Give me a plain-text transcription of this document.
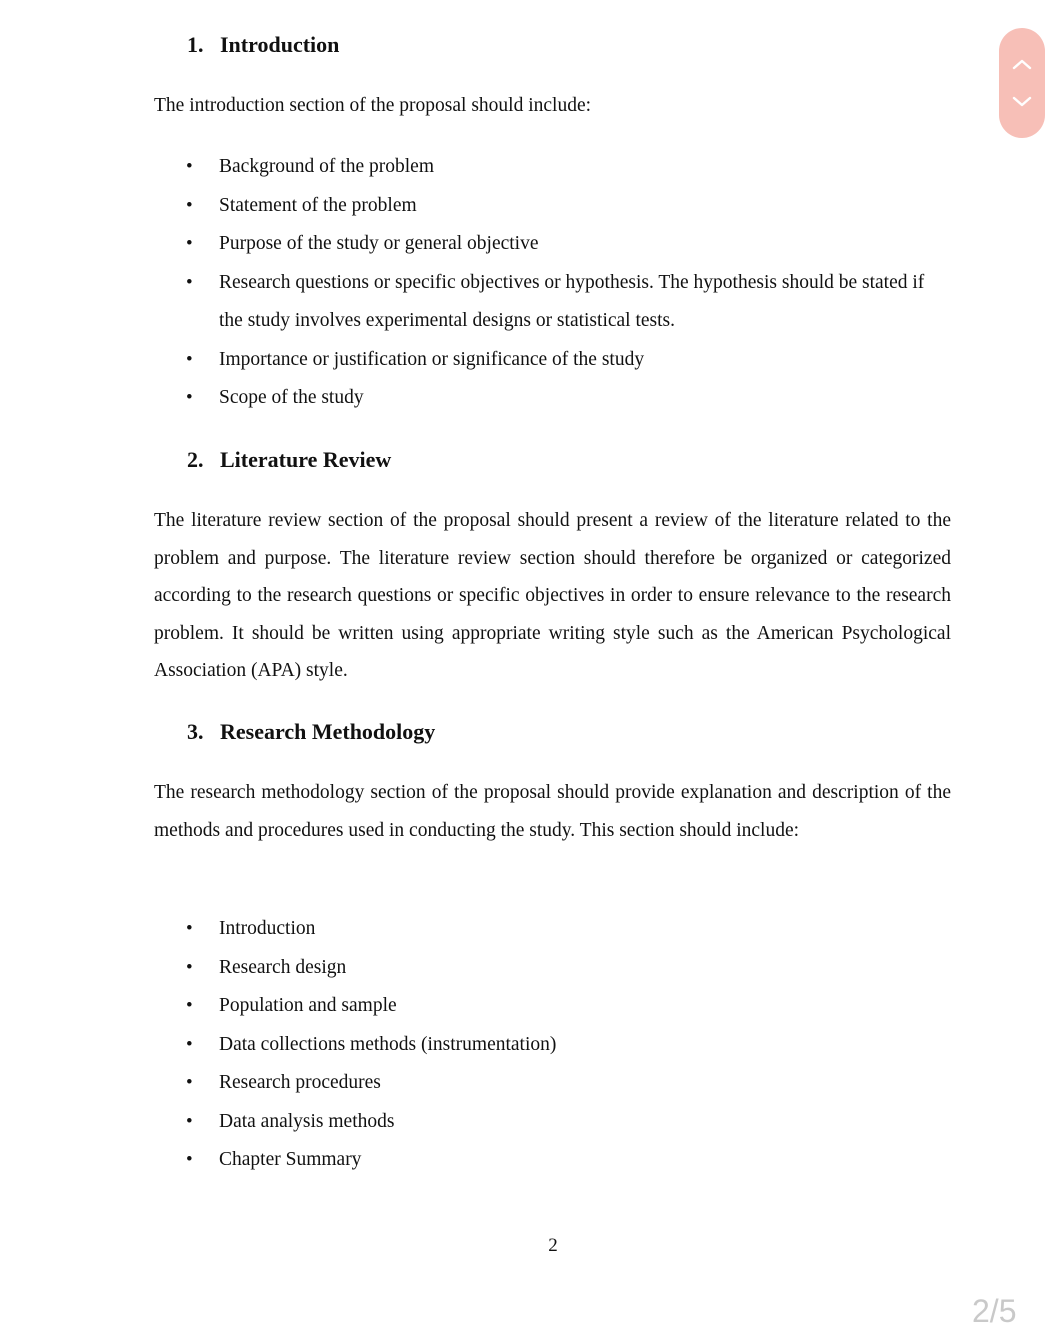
1. Introduction

The introduction section of the proposal should include:

• Background of the problem
• Statement of the problem
• Purpose of the study or general objective
• Research questions or specific objectives or hypothesis. The hypothesis should be stated if the study involves experimental designs or statistical tests.
• Importance or justification or significance of the study
• Scope of the study
2. Literature Review

The literature review section of the proposal should present a review of the literature related to the problem and purpose. The literature review section should therefore be organized or categorized according to the research questions or specific objectives in order to ensure relevance to the research problem. It should be written using appropriate writing style such as the American Psychological Association (APA) style.

3. Research Methodology

The research methodology section of the proposal should provide explanation and description of the methods and procedures used in conducting the study. This section should include:

• Introduction
• Research design
• Population and sample
• Data collections methods (instrumentation)
• Research procedures
• Data analysis methods
• Chapter Summary
2
2/5
